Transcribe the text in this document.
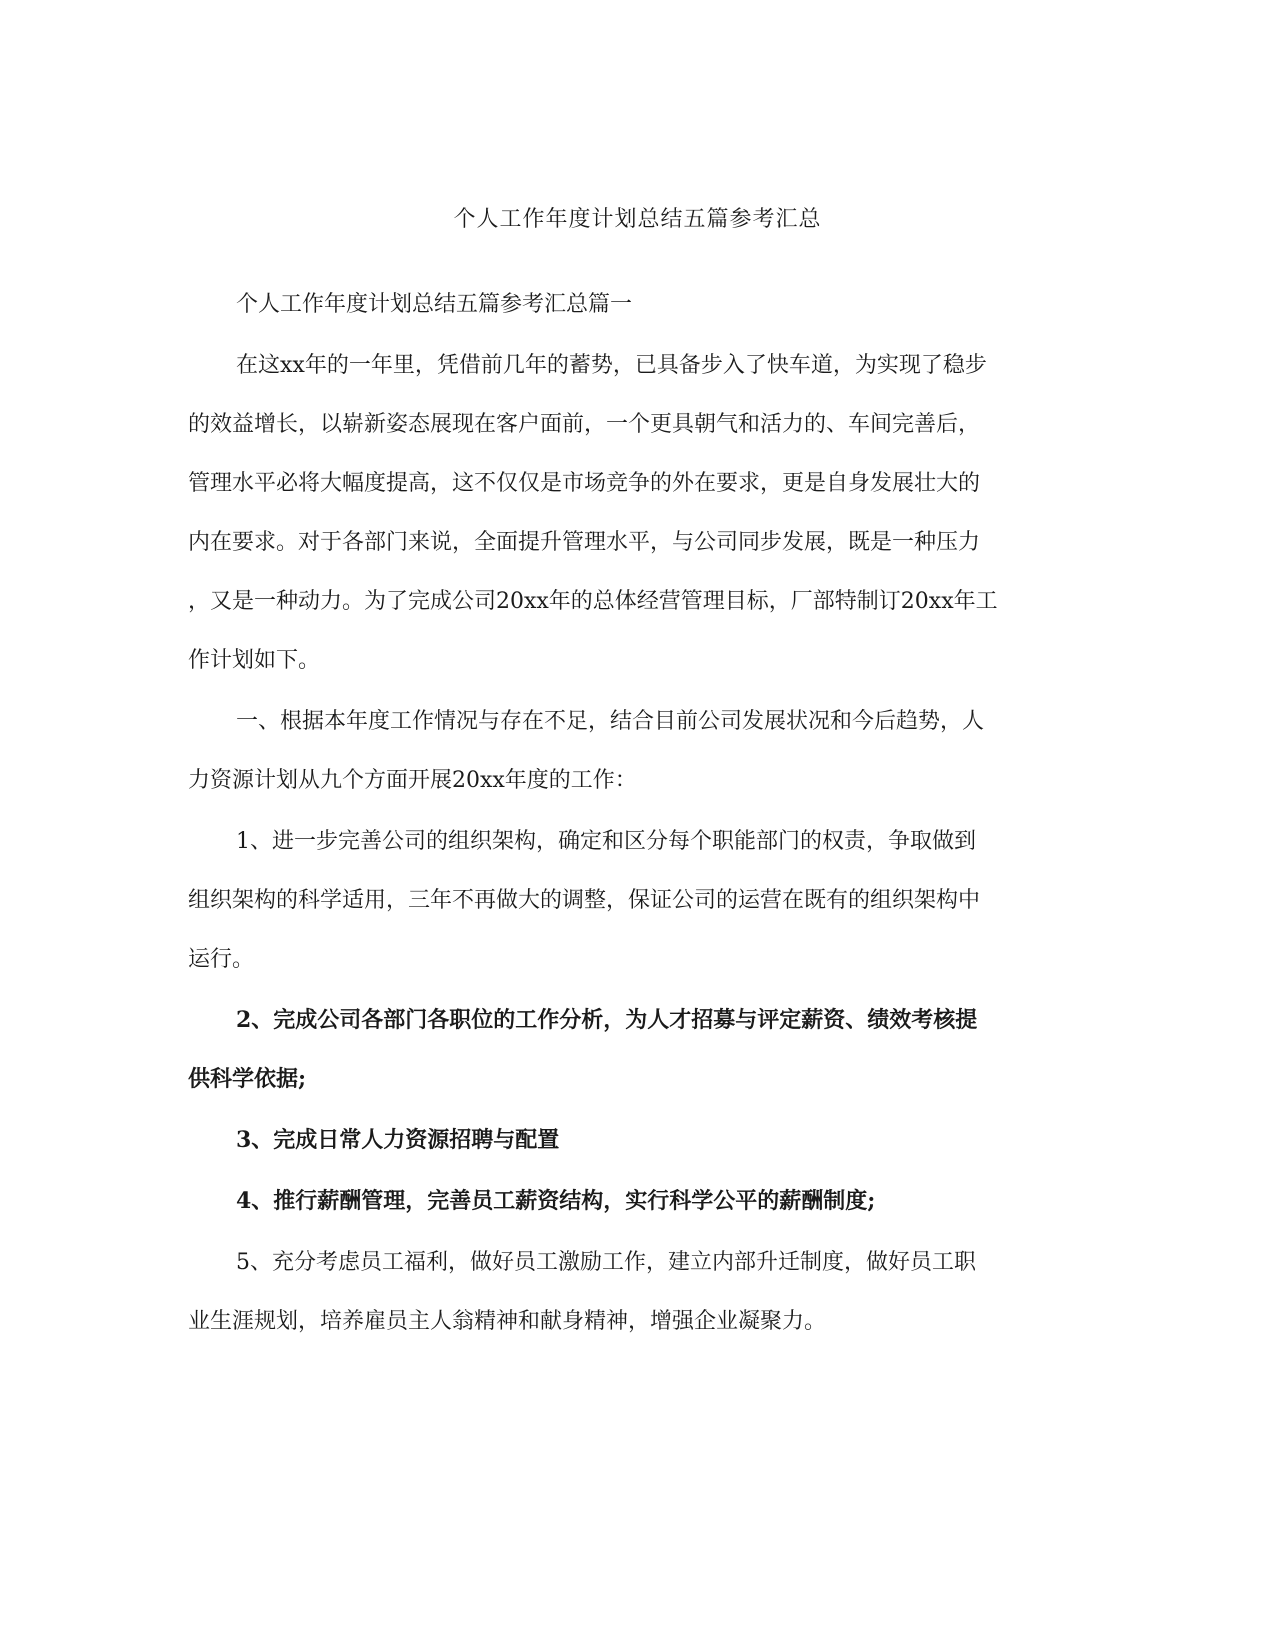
个人工作年度计划总结五篇参考汇总
个人工作年度计划总结五篇参考汇总篇一
在这xx年的一年里，凭借前几年的蓄势，已具备步入了快车道，为实现了稳步
的效益增长，以崭新姿态展现在客户面前，一个更具朝气和活力的、车间完善后，
管理水平必将大幅度提高，这不仅仅是市场竞争的外在要求，更是自身发展壮大的
内在要求。对于各部门来说，全面提升管理水平，与公司同步发展，既是一种压力
，又是一种动力。为了完成公司20xx年的总体经营管理目标，厂部特制订20xx年工
作计划如下。
一、根据本年度工作情况与存在不足，结合目前公司发展状况和今后趋势，人
力资源计划从九个方面开展20xx年度的工作：
1、进一步完善公司的组织架构，确定和区分每个职能部门的权责，争取做到
组织架构的科学适用，三年不再做大的调整，保证公司的运营在既有的组织架构中
运行。
2、完成公司各部门各职位的工作分析，为人才招募与评定薪资、绩效考核提
供科学依据;
3、完成日常人力资源招聘与配置
4、推行薪酬管理，完善员工薪资结构，实行科学公平的薪酬制度;
5、充分考虑员工福利，做好员工激励工作，建立内部升迁制度，做好员工职
业生涯规划，培养雇员主人翁精神和献身精神，增强企业凝聚力。
